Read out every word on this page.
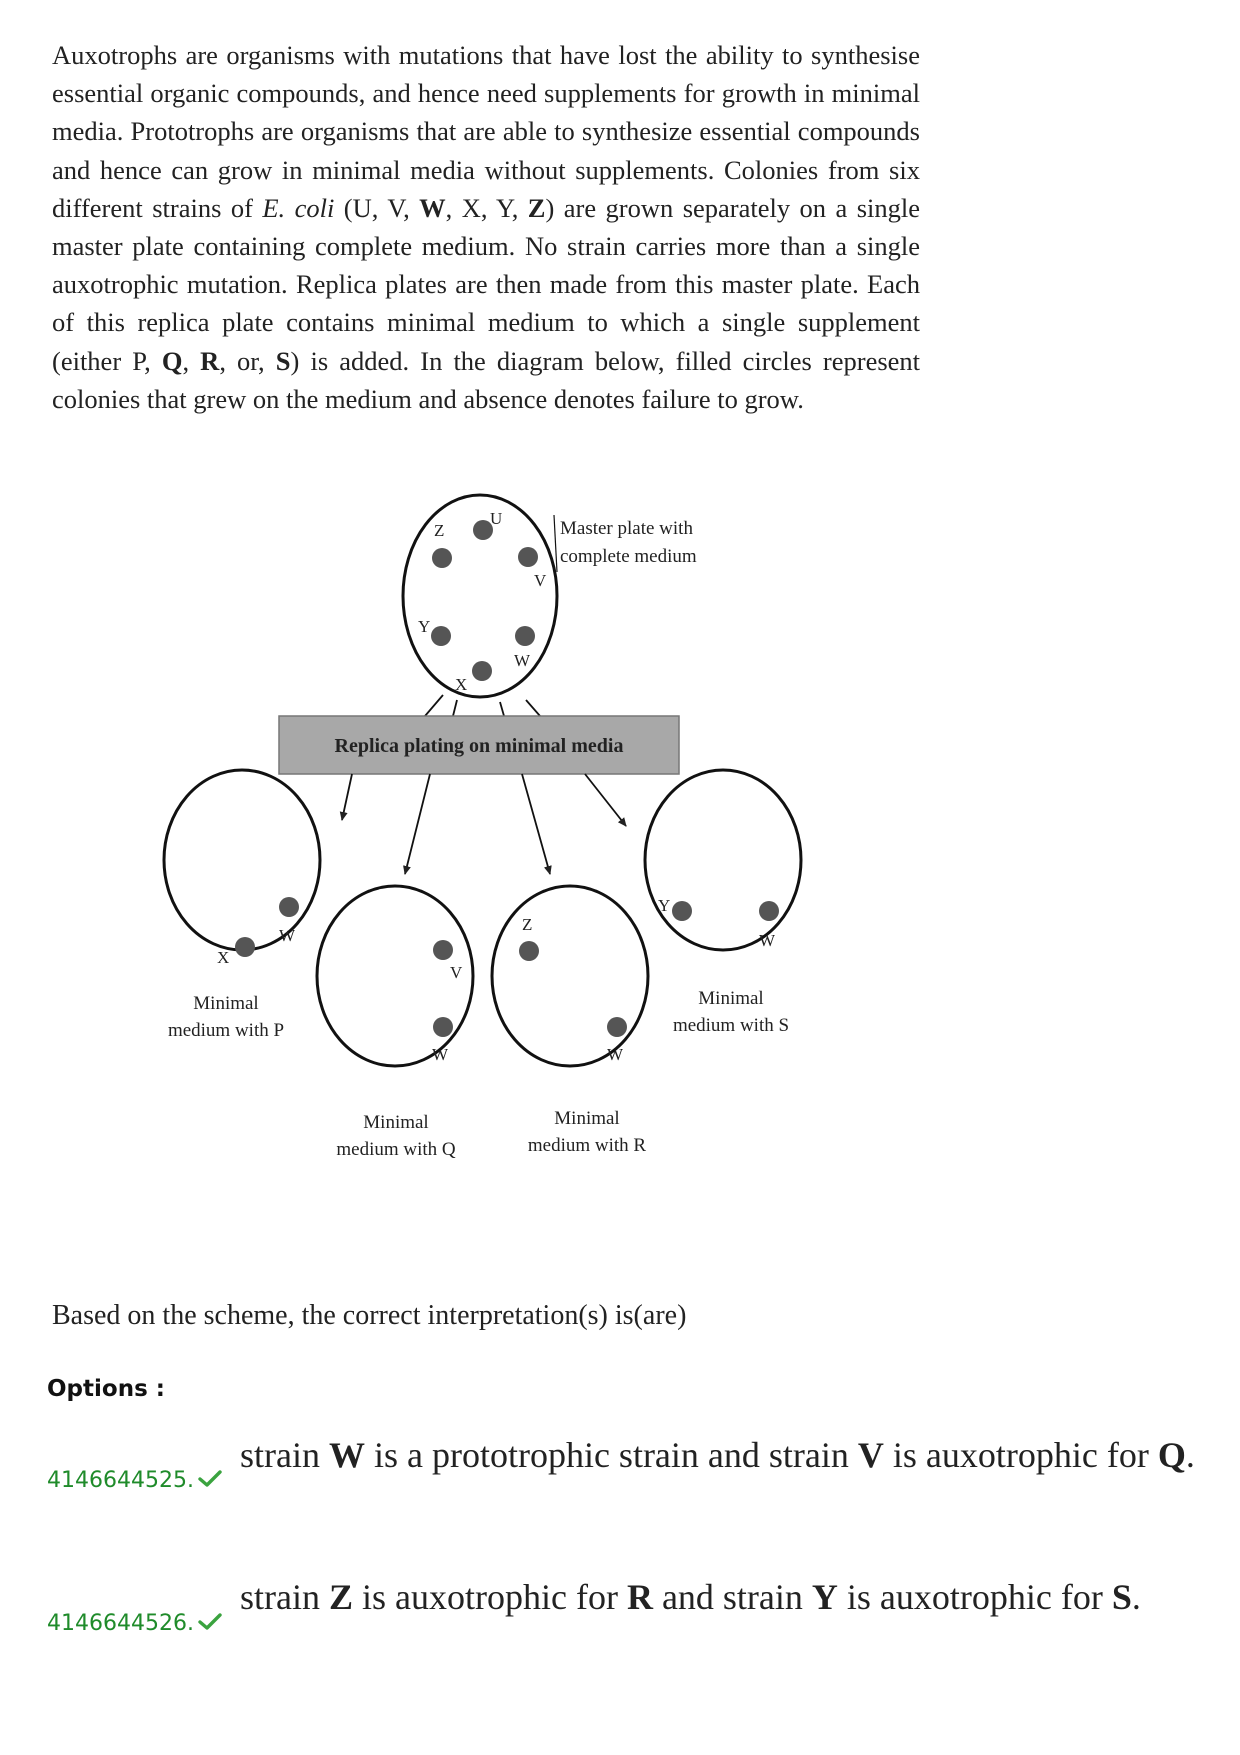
Auxotrophs are organisms with mutations that have lost the ability to synthesise essential organic compounds, and hence need supplements for growth in minimal media. Prototrophs are organisms that are able to synthesize essential compounds and hence can grow in minimal media without supplements. Colonies from six different strains of E. coli (U, V, W, X, Y, Z) are grown separately on a single master plate containing complete medium. No strain carries more than a single auxotrophic mutation. Replica plates are then made from this master plate. Each of this replica plate contains minimal medium to which a single supplement (either P, Q, R, or, S) is added. In the diagram below, filled circles represent colonies that grew on the medium and absence denotes failure to grow.

Z
U
V
Y
W
X
Master plate with
complete medium
Replica plating on minimal media
X
W
Minimal
medium with P
V
W
Minimal
medium with Q
Z
W
Minimal
medium with R
Y
W
Minimal
medium with S

Based on the scheme, the correct interpretation(s) is(are)

Options :

4146644525.
strain W is a prototrophic strain and strain V is auxotrophic for Q.
4146644526.
strain Z is auxotrophic for R and strain Y is auxotrophic for S.
